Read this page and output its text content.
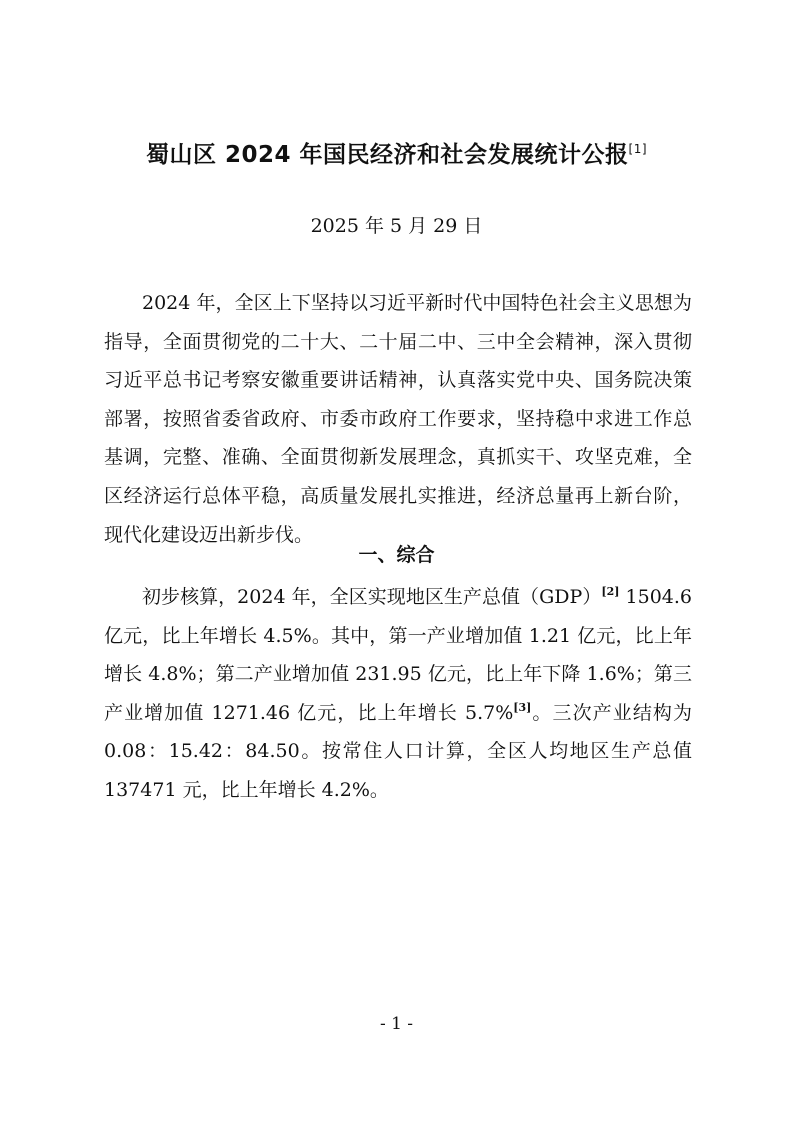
蜀山区 2024 年国民经济和社会发展统计公报[1]
2025 年 5 月 29 日
2024 年，全区上下坚持以习近平新时代中国特色社会主义思想为指导，全面贯彻党的二十大、二十届二中、三中全会精神，深入贯彻习近平总书记考察安徽重要讲话精神，认真落实党中央、国务院决策部署，按照省委省政府、市委市政府工作要求，坚持稳中求进工作总基调，完整、准确、全面贯彻新发展理念，真抓实干、攻坚克难，全区经济运行总体平稳，高质量发展扎实推进，经济总量再上新台阶，现代化建设迈出新步伐。
一、综合
初步核算，2024 年，全区实现地区生产总值（GDP）[2] 1504.6 亿元，比上年增长 4.5%。其中，第一产业增加值 1.21 亿元，比上年增长 4.8%；第二产业增加值 231.95 亿元，比上年下降 1.6%；第三产业增加值 1271.46 亿元，比上年增长 5.7%[3]。三次产业结构为 0.08：15.42：84.50。按常住人口计算，全区人均地区生产总值 137471 元，比上年增长 4.2%。
- 1 -
